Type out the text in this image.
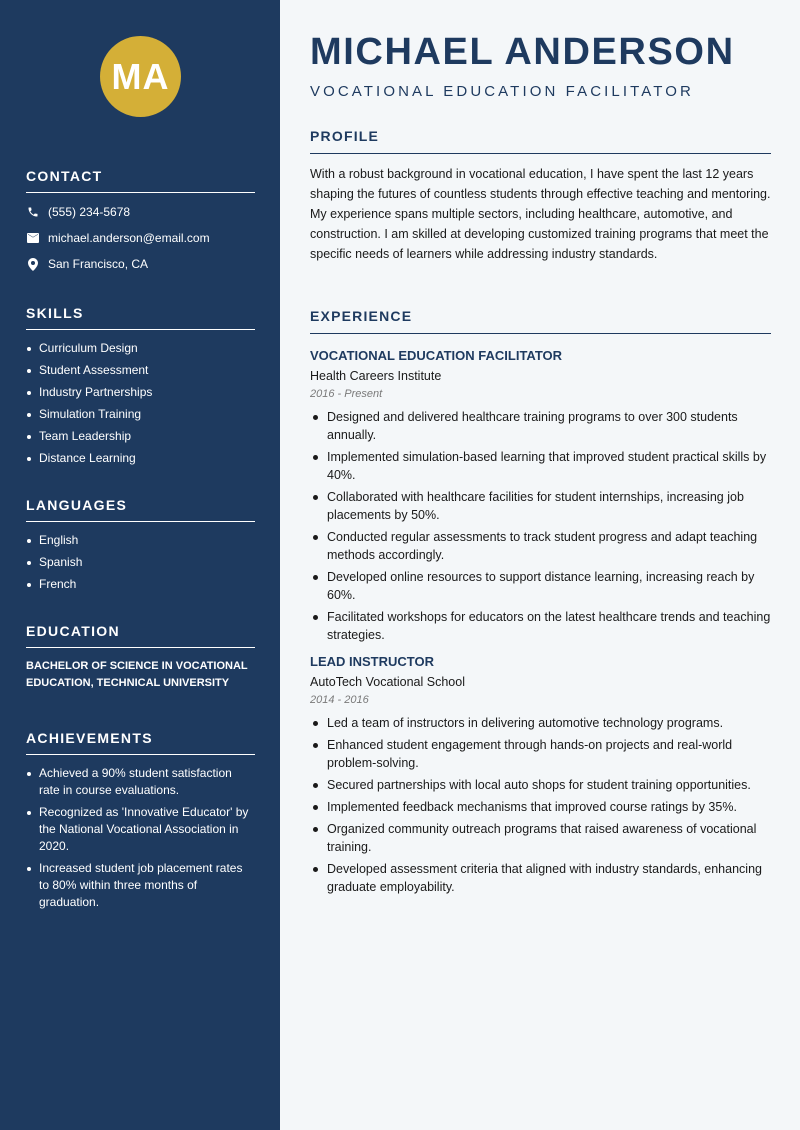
MA
CONTACT
(555) 234-5678
michael.anderson@email.com
San Francisco, CA
SKILLS
Curriculum Design
Student Assessment
Industry Partnerships
Simulation Training
Team Leadership
Distance Learning
LANGUAGES
English
Spanish
French
EDUCATION
BACHELOR OF SCIENCE IN VOCATIONAL EDUCATION, TECHNICAL UNIVERSITY
ACHIEVEMENTS
Achieved a 90% student satisfaction rate in course evaluations.
Recognized as 'Innovative Educator' by the National Vocational Association in 2020.
Increased student job placement rates to 80% within three months of graduation.
MICHAEL ANDERSON
VOCATIONAL EDUCATION FACILITATOR
PROFILE
With a robust background in vocational education, I have spent the last 12 years shaping the futures of countless students through effective teaching and mentoring. My experience spans multiple sectors, including healthcare, automotive, and construction. I am skilled at developing customized training programs that meet the specific needs of learners while addressing industry standards.
EXPERIENCE
VOCATIONAL EDUCATION FACILITATOR
Health Careers Institute
2016 - Present
Designed and delivered healthcare training programs to over 300 students annually.
Implemented simulation-based learning that improved student practical skills by 40%.
Collaborated with healthcare facilities for student internships, increasing job placements by 50%.
Conducted regular assessments to track student progress and adapt teaching methods accordingly.
Developed online resources to support distance learning, increasing reach by 60%.
Facilitated workshops for educators on the latest healthcare trends and teaching strategies.
LEAD INSTRUCTOR
AutoTech Vocational School
2014 - 2016
Led a team of instructors in delivering automotive technology programs.
Enhanced student engagement through hands-on projects and real-world problem-solving.
Secured partnerships with local auto shops for student training opportunities.
Implemented feedback mechanisms that improved course ratings by 35%.
Organized community outreach programs that raised awareness of vocational training.
Developed assessment criteria that aligned with industry standards, enhancing graduate employability.
